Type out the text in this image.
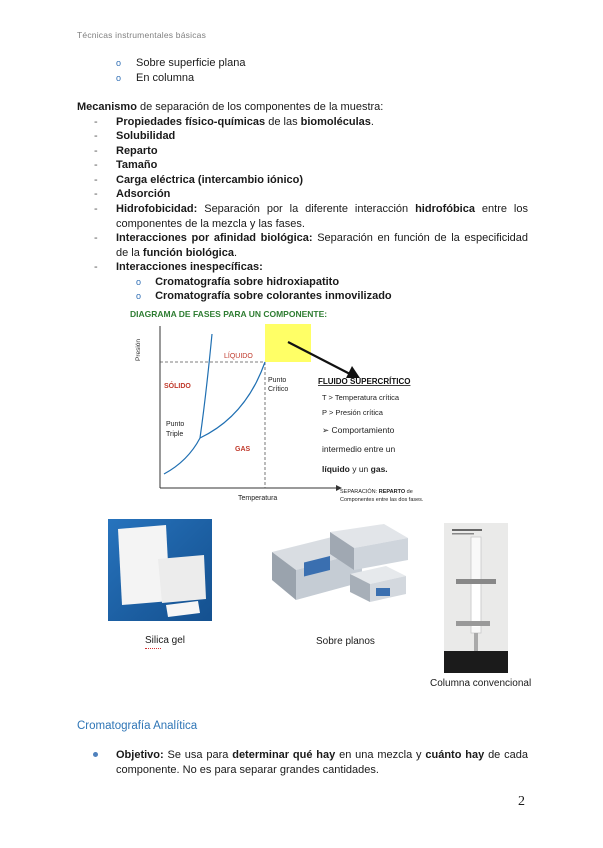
Técnicas instrumentales básicas
o Sobre superficie plana
o En columna
Mecanismo de separación de los componentes de la muestra:
- Propiedades físico-químicas de las biomoléculas.
- Solubilidad
- Reparto
- Tamaño
- Carga eléctrica (intercambio iónico)
- Adsorción
- Hidrofobicidad: Separación por la diferente interacción hidrofóbica entre los componentes de la mezcla y las fases.
- Interacciones por afinidad biológica: Separación en función de la especificidad de la función biológica.
- Interacciones inespecíficas:
o Cromatografía sobre hidroxiapatito
o Cromatografía sobre colorantes inmovilizado
DIAGRAMA DE FASES PARA UN COMPONENTE:
Presión	LÍQUIDO
SÓLIDO
GAS
Punto
Triple
Punto
Crítico
FLUIDO SUPERCRÍTICO
T > Temperatura crítica
P > Presión crítica
➢ Comportamiento
intermedio entre un
líquido y un gas.
Temperatura
SEPARACIÓN: REPARTO de
Componentes entre las dos fases.
Silica gel	Sobre planos
Columna convencional
Cromatografía Analítica
Objetivo: Se usa para determinar qué hay en una mezcla y cuánto hay de cada componente. No es para separar grandes cantidades.
2
